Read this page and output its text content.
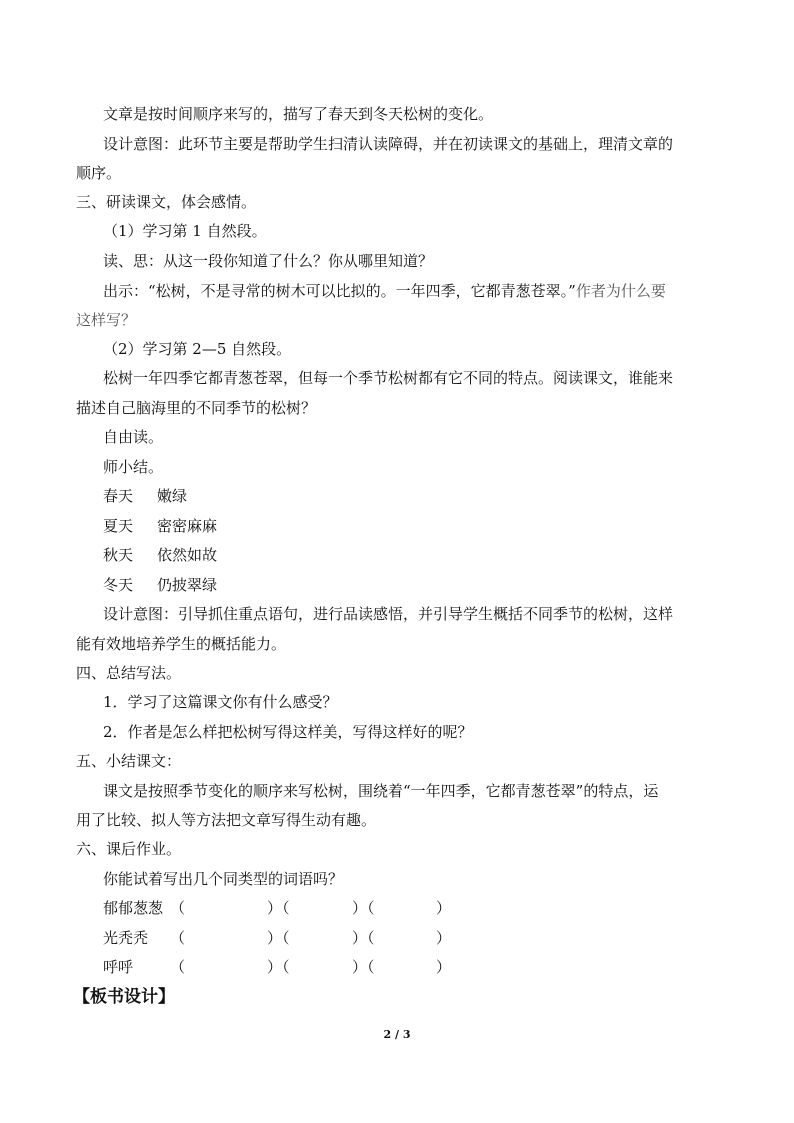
文章是按时间顺序来写的，描写了春天到冬天松树的变化。
设计意图：此环节主要是帮助学生扫清认读障碍，并在初读课文的基础上，理清文章的
顺序。
三、研读课文，体会感情。
（1）学习第 1 自然段。
读、思：从这一段你知道了什么？你从哪里知道？
出示：“松树，不是寻常的树木可以比拟的。一年四季，它都青葱苍翠。”作者为什么要
这样写？
（2）学习第 2—5 自然段。
松树一年四季它都青葱苍翠，但每一个季节松树都有它不同的特点。阅读课文，谁能来
描述自己脑海里的不同季节的松树？
自由读。
师小结。
春天 嫩绿
夏天 密密麻麻
秋天 依然如故
冬天 仍披翠绿
设计意图：引导抓住重点语句，进行品读感悟，并引导学生概括不同季节的松树，这样
能有效地培养学生的概括能力。
四、总结写法。
1．学习了这篇课文你有什么感受？
2．作者是怎么样把松树写得这样美，写得这样好的呢？
五、小结课文：
课文是按照季节变化的顺序来写松树，围绕着“一年四季，它都青葱苍翠”的特点，运
用了比较、拟人等方法把文章写得生动有趣。
六、课后作业。
你能试着写出几个同类型的词语吗？
郁郁葱葱 （	）（	）（	）
光秃秃 （	）（	）（	）
呼呼 （	）（	）（	）
【板书设计】
2 / 3
